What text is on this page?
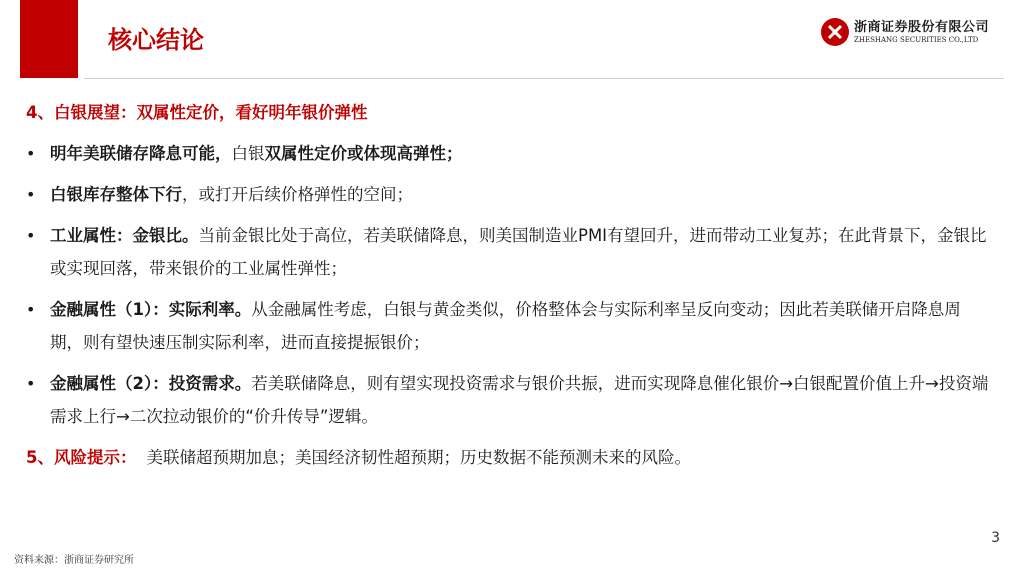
核心结论	浙商证券股份有限公司
ZHESHANG SECURITIES CO.,LTD
4、白银展望：双属性定价，看好明年银价弹性
• 明年美联储存降息可能，白银双属性定价或体现高弹性；
• 白银库存整体下行，或打开后续价格弹性的空间；
• 工业属性：金银比。当前金银比处于高位，若美联储降息，则美国制造业PMI有望回升，进而带动工业复苏；在此背景下，金银比或实现回落，带来银价的工业属性弹性；
• 金融属性（1）：实际利率。从金融属性考虑，白银与黄金类似，价格整体会与实际利率呈反向变动；因此若美联储开启降息周期，则有望快速压制实际利率，进而直接提振银价；
• 金融属性（2）：投资需求。若美联储降息，则有望实现投资需求与银价共振，进而实现降息催化银价→白银配置价值上升→投资端需求上行→二次拉动银价的“价升传导”逻辑。
5、风险提示： 美联储超预期加息；美国经济韧性超预期；历史数据不能预测未来的风险。
3
资料来源：浙商证券研究所
